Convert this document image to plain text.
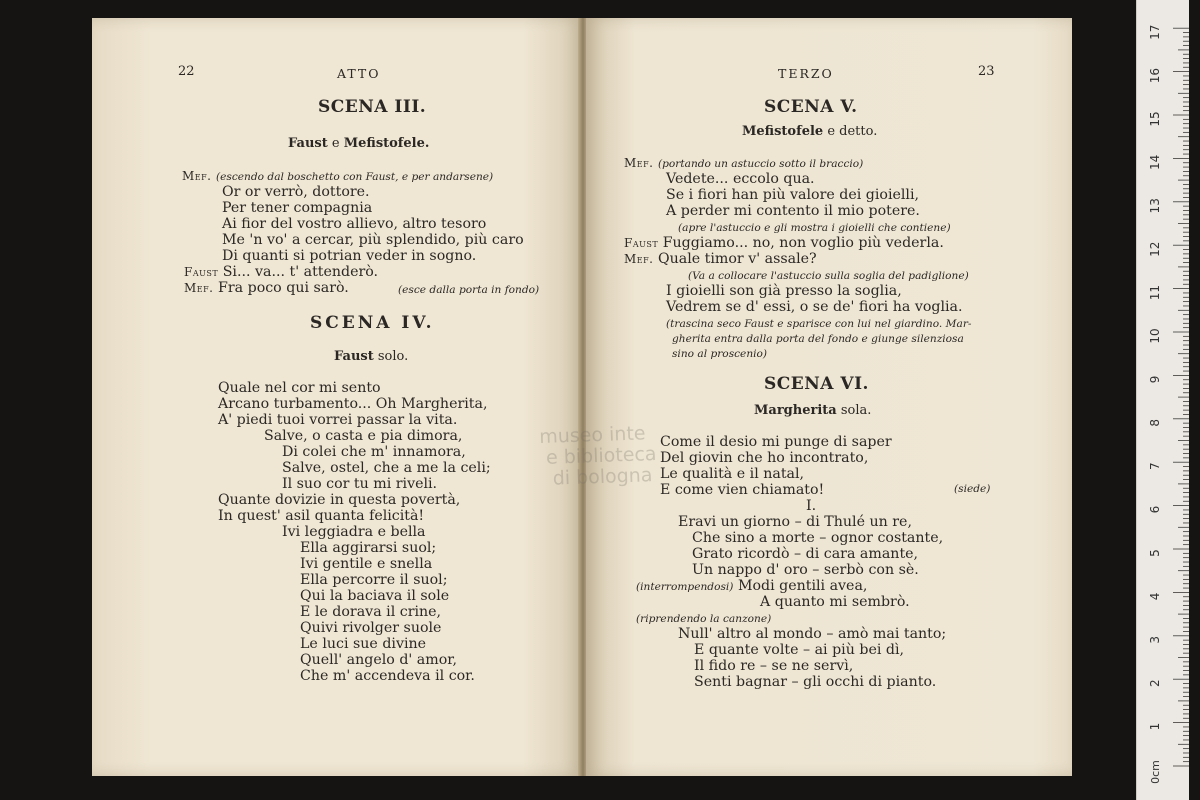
22	ATTO
SCENA III.
Faust e Mefistofele.
Mef. (escendo dal boschetto con Faust, e per andarsene)
Or or verrò, dottore.
Per tener compagnia
Ai fior del vostro allievo, altro tesoro
Me 'n vo' a cercar, più splendido, più caro
Di quanti si potrian veder in sogno.
Faust Si... va... t' attenderò.
Mef. Fra poco qui sarò.	(esce dalla porta in fondo)
SCENA IV.
Faust solo.
Quale nel cor mi sento
Arcano turbamento... Oh Margherita,
A' piedi tuoi vorrei passar la vita.
Salve, o casta e pia dimora,
Di colei che m' innamora,
Salve, ostel, che a me la celi;
Il suo cor tu mi riveli.
Quante dovizie in questa povertà,
In quest' asil quanta felicità!
Ivi leggiadra e bella
Ella aggirarsi suol;
Ivi gentile e snella
Ella percorre il suol;
Qui la baciava il sole
E le dorava il crine,
Quivi rivolger suole
Le luci sue divine
Quell' angelo d' amor,
Che m' accendeva il cor.
TERZO	23
SCENA V.
Mefistofele e detto.
Mef. (portando un astuccio sotto il braccio)
Vedete... eccolo qua.
Se i fiori han più valore dei gioielli,
A perder mi contento il mio potere.
(apre l'astuccio e gli mostra i gioielli che contiene)
Faust Fuggiamo... no, non voglio più vederla.
Mef. Quale timor v' assale?
(Va a collocare l'astuccio sulla soglia del padiglione)
I gioielli son già presso la soglia,
Vedrem se d' essi, o se de' fiori ha voglia.
(trascina seco Faust e sparisce con lui nel giardino. Mar-
gherita entra dalla porta del fondo e giunge silenziosa
sino al proscenio)
SCENA VI.
Margherita sola.
Come il desio mi punge di saper
Del giovin che ho incontrato,
Le qualità e il natal,
E come vien chiamato!	(siede)
I.
Eravi un giorno – di Thulé un re,
Che sino a morte – ognor costante,
Grato ricordò – di cara amante,
Un nappo d' oro – serbò con sè.
(interrompendosi) Modi gentili avea,
A quanto mi sembrò.
(riprendendo la canzone)
Null' altro al mondo – amò mai tanto;
E quante volte – ai più bei dì,
Il fido re – se ne servì,
Senti bagnar – gli occhi di pianto.
museo inte
e biblioteca
di bologna
1
2
3
4
5
6
7
8
9
10
11
12
13
14
15
16
17
0cm
